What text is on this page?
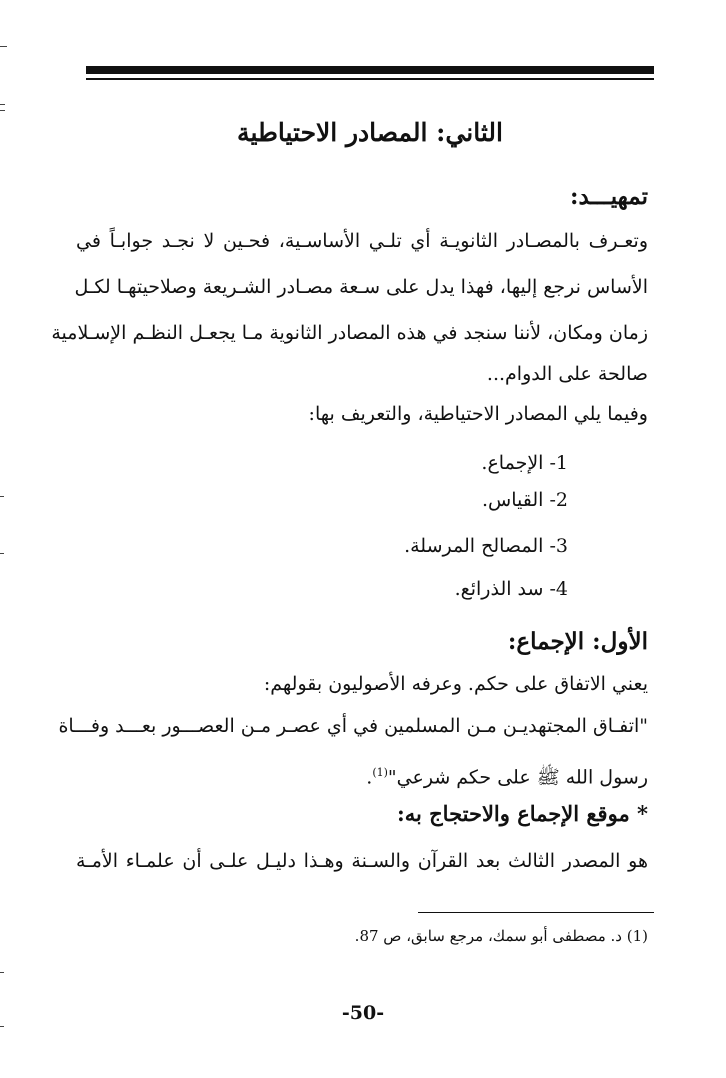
الثاني: المصادر الاحتياطية
تمهيـــد:
وتعـرف بالمصـادر الثانويـة أي تلـي الأساسـية، فحـين لا نجـد جوابـاً في
الأساس نرجع إليها، فهذا يدل على سـعة مصـادر الشـريعة وصلاحيتهـا لكـل
زمان ومكان، لأننا سنجد في هذه المصادر الثانوية مـا يجعـل النظـم الإسـلامية
صالحة على الدوام...
وفيما يلي المصادر الاحتياطية، والتعريف بها:
1- الإجماع.
2- القياس.
3- المصالح المرسلة.
4- سد الذرائع.
الأول: الإجماع:
يعني الاتفاق على حكم. وعرفه الأصوليون بقولهم:
"اتفـاق المجتهديـن مـن المسلمين في أي عصـر مـن العصـــور بعـــد وفـــاة
رسول الله ﷺ على حكم شرعي"$^{(1)}$.
* موقع الإجماع والاحتجاج به:
هو المصدر الثالث بعد القرآن والسـنة وهـذا دليـل علـى أن علمـاء الأمـة
(1) د. مصطفى أبو سمك، مرجع سابق، ص 87.
-50-
